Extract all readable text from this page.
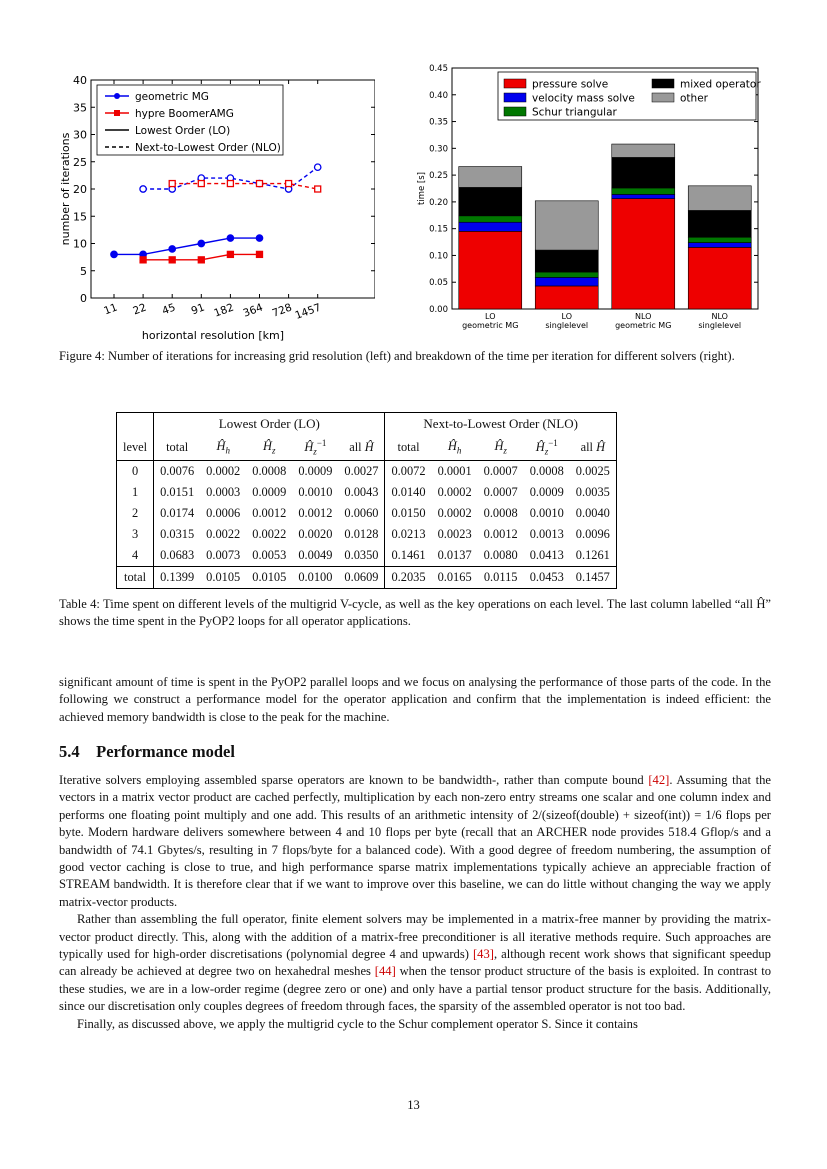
0
5
10
15
20
25
30
35
40
11 22 45 91 182 364 728 1457
horizontal resolution [km]
number of iterations
geometric MG
hypre BoomerAMG
Lowest Order (LO)
Next-to-Lowest Order (NLO)
0.00
0.05
0.10
0.15
0.20
0.25
0.30
0.35
0.40
0.45
time [s]
LO
geometric MG
LO
singlelevel
NLO
geometric MG
NLO
singlelevel
pressure solve	mixed operator
velocity mass solve	other
Schur triangular
Figure 4: Number of iterations for increasing grid resolution (left) and breakdown of the time per iteration for different solvers (right).
	Lowest Order (LO)					Next-to-Lowest Order (NLO)				
level	total	$Ĥ_h$	$Ĥ_z$	$Ĥ_z^{-1}$	all Ĥ	total	$Ĥ_h$	$Ĥ_z$	$Ĥ_z^{-1}$	all Ĥ
0	0.0076	0.0002	0.0008	0.0009	0.0027	0.0072	0.0001	0.0007	0.0008	0.0025
1	0.0151	0.0003	0.0009	0.0010	0.0043	0.0140	0.0002	0.0007	0.0009	0.0035
2	0.0174	0.0006	0.0012	0.0012	0.0060	0.0150	0.0002	0.0008	0.0010	0.0040
3	0.0315	0.0022	0.0022	0.0020	0.0128	0.0213	0.0023	0.0012	0.0013	0.0096
4	0.0683	0.0073	0.0053	0.0049	0.0350	0.1461	0.0137	0.0080	0.0413	0.1261
total	0.1399	0.0105	0.0105	0.0100	0.0609	0.2035	0.0165	0.0115	0.0453	0.1457
Table 4: Time spent on different levels of the multigrid V-cycle, as well as the key operations on each level. The last column labelled “all Ĥ” shows the time spent in the PyOP2 loops for all operator applications.

significant amount of time is spent in the PyOP2 parallel loops and we focus on analysing the performance of those parts of the code. In the following we construct a performance model for the operator application and confirm that the implementation is indeed efficient: the achieved memory bandwidth is close to the peak for the machine.

5.4 Performance model

Iterative solvers employing assembled sparse operators are known to be bandwidth-, rather than compute bound [42]. Assuming that the vectors in a matrix vector product are cached perfectly, multiplication by each non-zero entry streams one scalar and one column index and performs one floating point multiply and one add. This results of an arithmetic intensity of 2/(sizeof(double) + sizeof(int)) = 1/6 flops per byte. Modern hardware delivers somewhere between 4 and 10 flops per byte (recall that an ARCHER node provides 518.4 Gflop/s and a bandwidth of 74.1 Gbytes/s, resulting in 7 flops/byte for a balanced code). With a good degree of freedom numbering, the assumption of good vector caching is close to true, and high performance sparse matrix implementations typically achieve an appreciable fraction of STREAM bandwidth. It is therefore clear that if we want to improve over this baseline, we can do little without changing the way we apply matrix-vector products.

Rather than assembling the full operator, finite element solvers may be implemented in a matrix-free manner by providing the matrix-vector product directly. This, along with the addition of a matrix-free preconditioner is all iterative methods require. Such approaches are typically used for high-order discretisations (polynomial degree 4 and upwards) [43], although recent work shows that significant speedup can already be achieved at degree two on hexahedral meshes [44] when the tensor product structure of the basis is exploited. In contrast to these studies, we are in a low-order regime (degree zero or one) and only have a partial tensor product structure for the basis. Additionally, since our discretisation only couples degrees of freedom through faces, the sparsity of the assembled operator is not too bad.

Finally, as discussed above, we apply the multigrid cycle to the Schur complement operator S. Since it contains

13
